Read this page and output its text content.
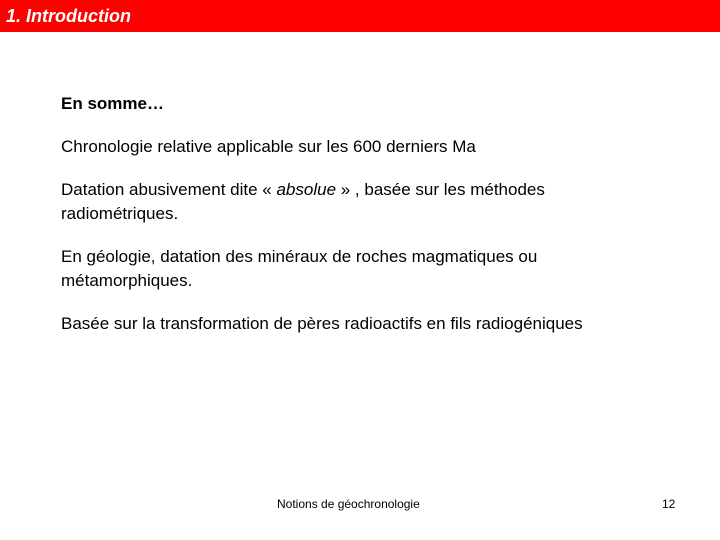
1. Introduction
En somme…
Chronologie relative applicable sur les 600 derniers Ma
Datation abusivement dite « absolue » , basée sur les méthodes radiométriques.
En géologie, datation des minéraux de roches magmatiques ou métamorphiques.
Basée sur la transformation de pères radioactifs en fils radiogéniques
Notions de géochronologie	12
